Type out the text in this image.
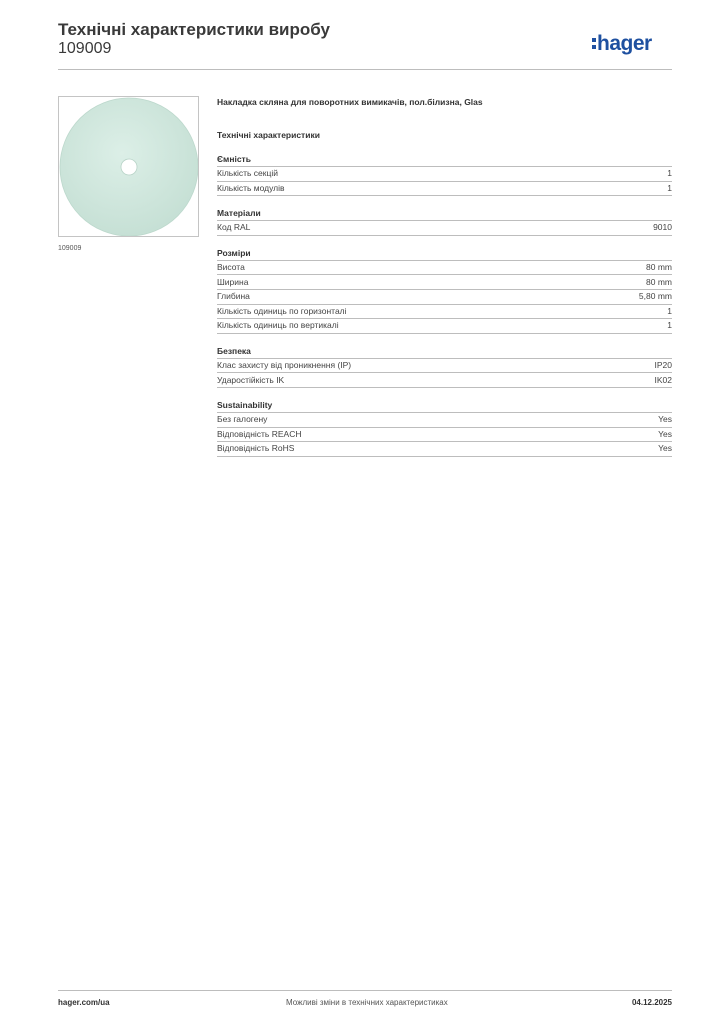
Технічні характеристики виробу
109009	hager
109009
Накладка скляна для поворотних вимикачів, пол.білизна, Glas
Технічні характеристики
Ємність
Кількість секцій	1
Кількість модулів	1
Матеріали
Код RAL	9010
Розміри
Висота	80 mm
Ширина	80 mm
Глибина	5,80 mm
Кількість одиниць по горизонталі	1
Кількість одиниць по вертикалі	1
Безпека
Клас захисту від проникнення (IP)	IP20
Ударостійкість IK	IK02
Sustainability
Без галогену	Yes
Відповідність REACH	Yes
Відповідність RoHS	Yes
hager.com/ua	Можливі зміни в технічних характеристиках	04.12.2025
